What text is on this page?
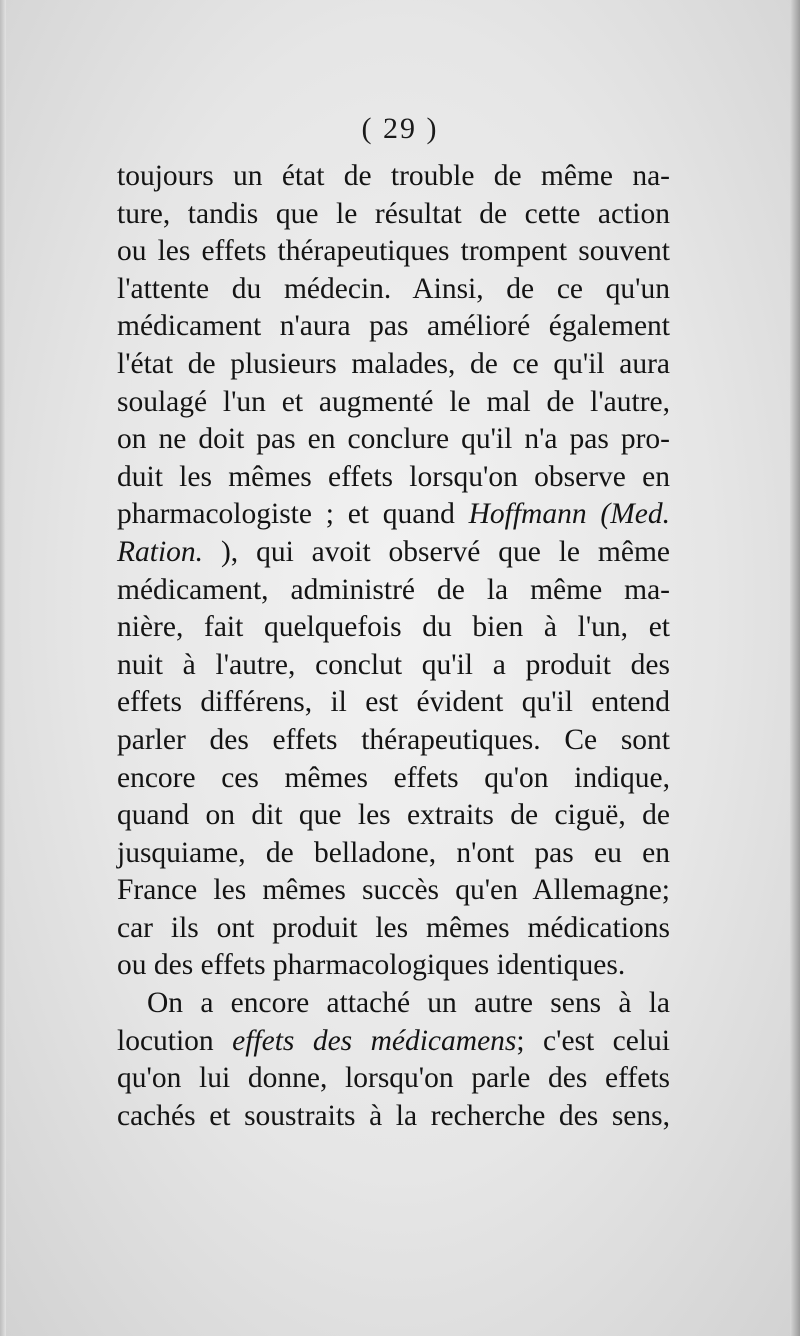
( 29 )
toujours un état de trouble de même na-
ture, tandis que le résultat de cette action
ou les effets thérapeutiques trompent souvent
l'attente du médecin. Ainsi, de ce qu'un
médicament n'aura pas amélioré également
l'état de plusieurs malades, de ce qu'il aura
soulagé l'un et augmenté le mal de l'autre,
on ne doit pas en conclure qu'il n'a pas pro-
duit les mêmes effets lorsqu'on observe en
pharmacologiste ; et quand Hoffmann (Med.
Ration. ), qui avoit observé que le même
médicament, administré de la même ma-
nière, fait quelquefois du bien à l'un, et
nuit à l'autre, conclut qu'il a produit des
effets différens, il est évident qu'il entend
parler des effets thérapeutiques. Ce sont
encore ces mêmes effets qu'on indique,
quand on dit que les extraits de ciguë, de
jusquiame, de belladone, n'ont pas eu en
France les mêmes succès qu'en Allemagne;
car ils ont produit les mêmes médications
ou des effets pharmacologiques identiques.
On a encore attaché un autre sens à la
locution effets des médicamens; c'est celui
qu'on lui donne, lorsqu'on parle des effets
cachés et soustraits à la recherche des sens,
